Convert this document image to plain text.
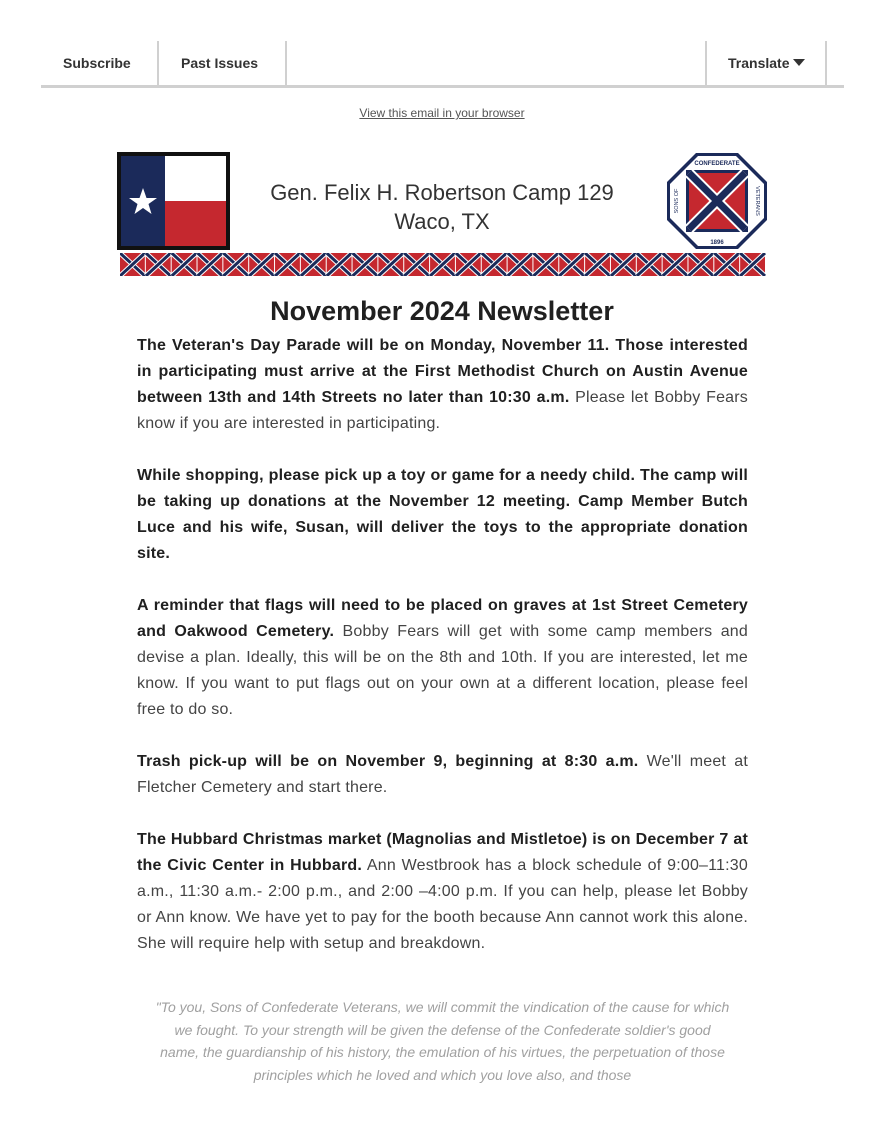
Subscribe	Past Issues	Translate
View this email in your browser
Gen. Felix H. Robertson Camp 129
Waco, TX
CONFEDERATE
1896
SONS OF	VETERANS
November 2024 Newsletter

The Veteran's Day Parade will be on Monday, November 11. Those interested in participating must arrive at the First Methodist Church on Austin Avenue between 13th and 14th Streets no later than 10:30 a.m. Please let Bobby Fears know if you are interested in participating.

While shopping, please pick up a toy or game for a needy child. The camp will be taking up donations at the November 12 meeting. Camp Member Butch Luce and his wife, Susan, will deliver the toys to the appropriate donation site.

A reminder that flags will need to be placed on graves at 1st Street Cemetery and Oakwood Cemetery. Bobby Fears will get with some camp members and devise a plan. Ideally, this will be on the 8th and 10th. If you are interested, let me know. If you want to put flags out on your own at a different location, please feel free to do so.

Trash pick-up will be on November 9, beginning at 8:30 a.m. We'll meet at Fletcher Cemetery and start there.

The Hubbard Christmas market (Magnolias and Mistletoe) is on December 7 at the Civic Center in Hubbard. Ann Westbrook has a block schedule of 9:00–11:30 a.m., 11:30 a.m.- 2:00 p.m., and 2:00 –4:00 p.m. If you can help, please let Bobby or Ann know. We have yet to pay for the booth because Ann cannot work this alone. She will require help with setup and breakdown.

"To you, Sons of Confederate Veterans, we will commit the vindication of the cause for which we fought. To your strength will be given the defense of the Confederate soldier's good name, the guardianship of his history, the emulation of his virtues, the perpetuation of those principles which he loved and which you love also, and those
